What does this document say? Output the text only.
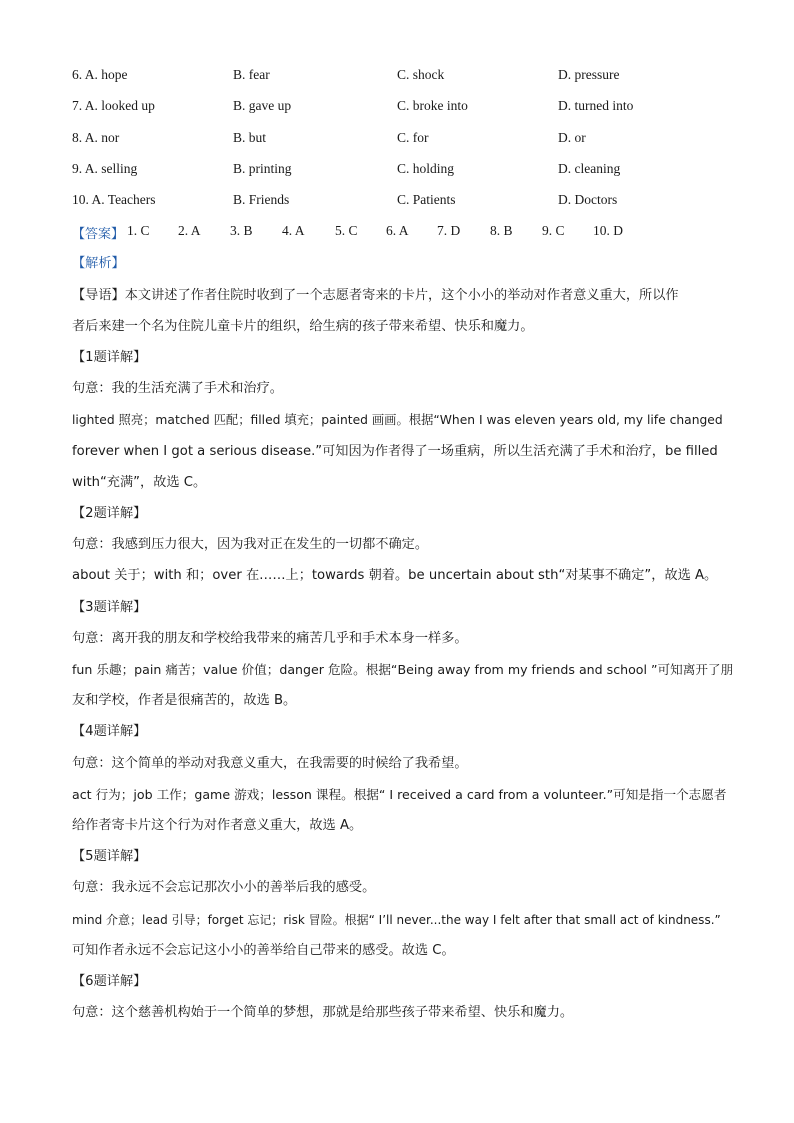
6. A. hope	B. fear	C. shock	D. pressure
7. A. looked up	B. gave up	C. broke into	D. turned into
8. A. nor	B. but	C. for	D. or
9. A. selling	B. printing	C. holding	D. cleaning
10. A. Teachers	B. Friends	C. Patients	D. Doctors
【答案】 1. C 2. A 3. B 4. A 5. C 6. A 7. D 8. B 9. C 10. D
【解析】
【导语】本文讲述了作者住院时收到了一个志愿者寄来的卡片，这个小小的举动对作者意义重大，所以作
者后来建一个名为住院儿童卡片的组织，给生病的孩子带来希望、快乐和魔力。
【1题详解】
句意：我的生活充满了手术和治疗。
lighted 照亮；matched 匹配；filled 填充；painted 画画。根据“When I was eleven years old, my life changed
forever when I got a serious disease.”可知因为作者得了一场重病，所以生活充满了手术和治疗，be filled
with“充满”，故选 C。
【2题详解】
句意：我感到压力很大，因为我对正在发生的一切都不确定。
about 关于；with 和；over 在……上；towards 朝着。be uncertain about sth“对某事不确定”，故选 A。
【3题详解】
句意：离开我的朋友和学校给我带来的痛苦几乎和手术本身一样多。
fun 乐趣；pain 痛苦；value 价值；danger 危险。根据“Being away from my friends and school ”可知离开了朋
友和学校，作者是很痛苦的，故选 B。
【4题详解】
句意：这个简单的举动对我意义重大，在我需要的时候给了我希望。
act 行为；job 工作；game 游戏；lesson 课程。根据“ I received a card from a volunteer.”可知是指一个志愿者
给作者寄卡片这个行为对作者意义重大，故选 A。
【5题详解】
句意：我永远不会忘记那次小小的善举后我的感受。
mind 介意；lead 引导；forget 忘记；risk 冒险。根据“ I’ll never...the way I felt after that small act of kindness.”
可知作者永远不会忘记这小小的善举给自己带来的感受。故选 C。
【6题详解】
句意：这个慈善机构始于一个简单的梦想，那就是给那些孩子带来希望、快乐和魔力。
